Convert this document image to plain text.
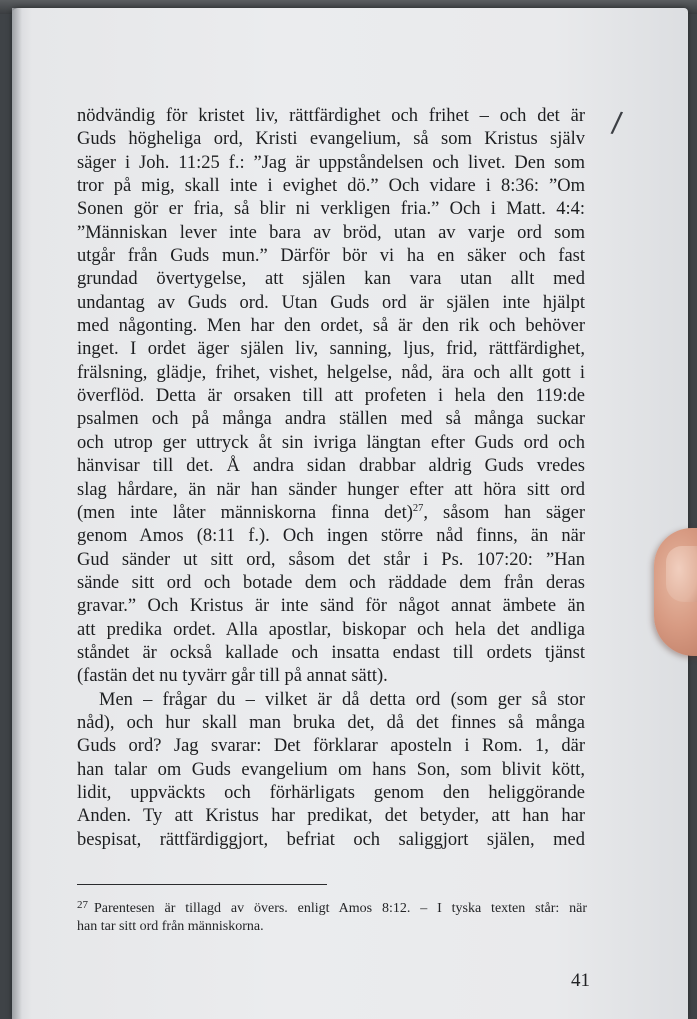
/
nödvändig för kristet liv, rättfärdighet och frihet – och det är
Guds högheliga ord, Kristi evangelium, så som Kristus själv
säger i Joh. 11:25 f.: ”Jag är uppståndelsen och livet. Den som
tror på mig, skall inte i evighet dö.” Och vidare i 8:36: ”Om
Sonen gör er fria, så blir ni verkligen fria.” Och i Matt. 4:4:
”Människan lever inte bara av bröd, utan av varje ord som
utgår från Guds mun.” Därför bör vi ha en säker och fast
grundad övertygelse, att själen kan vara utan allt med
undantag av Guds ord. Utan Guds ord är själen inte hjälpt
med någonting. Men har den ordet, så är den rik och behöver
inget. I ordet äger själen liv, sanning, ljus, frid, rättfärdighet,
frälsning, glädje, frihet, vishet, helgelse, nåd, ära och allt gott i
överflöd. Detta är orsaken till att profeten i hela den 119:de
psalmen och på många andra ställen med så många suckar
och utrop ger uttryck åt sin ivriga längtan efter Guds ord och
hänvisar till det. Å andra sidan drabbar aldrig Guds vredes
slag hårdare, än när han sänder hunger efter att höra sitt ord
(men inte låter människorna finna det)$^{27}$, såsom han säger
genom Amos (8:11 f.). Och ingen större nåd finns, än när
Gud sänder ut sitt ord, såsom det står i Ps. 107:20: ”Han
sände sitt ord och botade dem och räddade dem från deras
gravar.” Och Kristus är inte sänd för något annat ämbete än
att predika ordet. Alla apostlar, biskopar och hela det andliga
ståndet är också kallade och insatta endast till ordets tjänst
(fastän det nu tyvärr går till på annat sätt).
Men – frågar du – vilket är då detta ord (som ger så stor
nåd), och hur skall man bruka det, då det finnes så många
Guds ord? Jag svarar: Det förklarar aposteln i Rom. 1, där
han talar om Guds evangelium om hans Son, som blivit kött,
lidit, uppväckts och förhärligats genom den heliggörande
Anden. Ty att Kristus har predikat, det betyder, att han har
bespisat, rättfärdiggjort, befriat och saliggjort själen, med
$^{27}$ Parentesen är tillagd av övers. enligt Amos 8:12. – I tyska texten står: när
han tar sitt ord från människorna.
41
